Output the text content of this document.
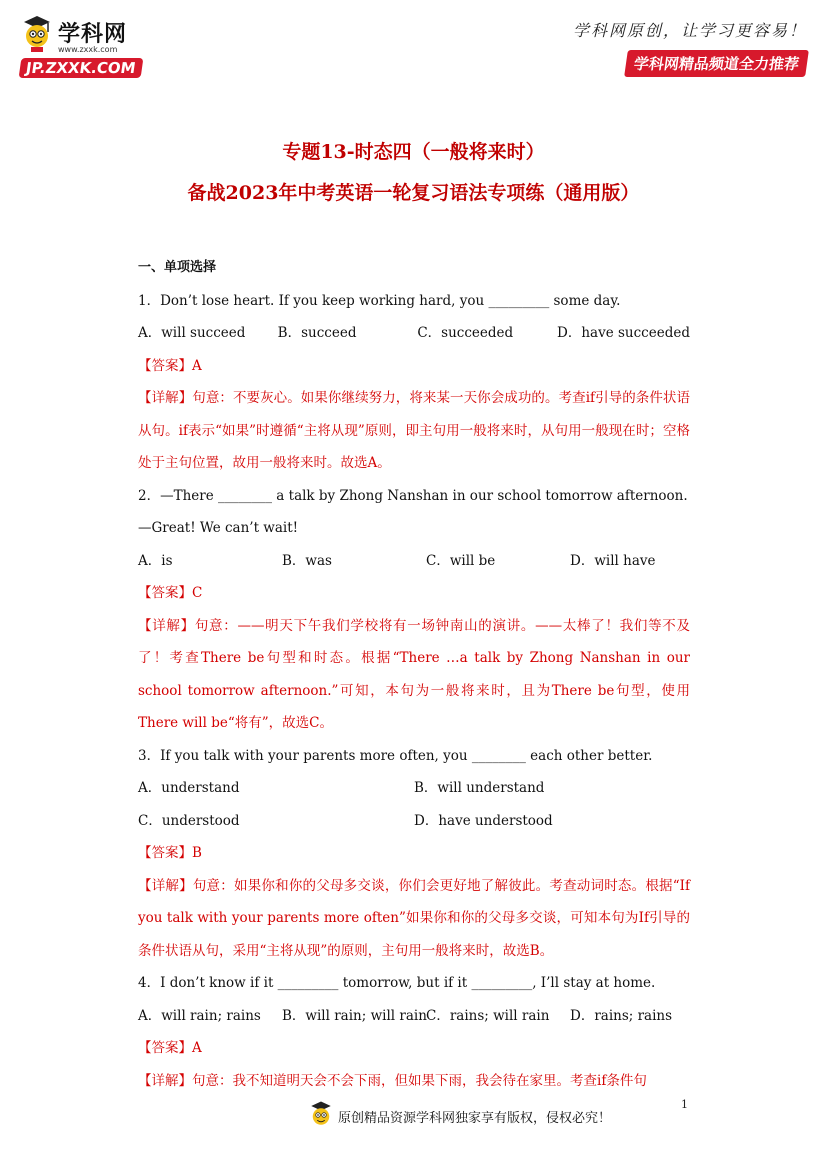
学科网
www.zxxk.com
JP.ZXXK.COM
学科网原创，让学习更容易！
学科网精品频道全力推荐
专题13-时态四（一般将来时）
备战2023年中考英语一轮复习语法专项练（通用版）
一、单项选择
1．Don’t lose heart. If you keep working hard, you _________ some day.
A．will succeed	B．succeed	C．succeeded	D．have succeeded
【答案】A
【详解】句意：不要灰心。如果你继续努力，将来某一天你会成功的。考查if引导的条件状语从句。if表示“如果”时遵循“主将从现”原则，即主句用一般将来时，从句用一般现在时；空格处于主句位置，故用一般将来时。故选A。
2．—There ________ a talk by Zhong Nanshan in our school tomorrow afternoon.
—Great! We can’t wait!
A．is	B．was	C．will be	D．will have
【答案】C
【详解】句意：——明天下午我们学校将有一场钟南山的演讲。——太棒了！我们等不及了！考查There be句型和时态。根据“There …a talk by Zhong Nanshan in our school tomorrow afternoon.”可知，本句为一般将来时，且为There be句型，使用There will be“将有”，故选C。
3．If you talk with your parents more often, you ________ each other better.
A．understand	B．will understand
C．understood	D．have understood
【答案】B
【详解】句意：如果你和你的父母多交谈，你们会更好地了解彼此。考查动词时态。根据“If you talk with your parents more often”如果你和你的父母多交谈，可知本句为If引导的条件状语从句，采用“主将从现”的原则，主句用一般将来时，故选B。
4．I don’t know if it _________ tomorrow, but if it _________, I’ll stay at home.
A．will rain; rains	B．will rain; will rain C．rains; will rain	D．rains; rains
【答案】A
【详解】句意：我不知道明天会不会下雨，但如果下雨，我会待在家里。考查if条件句
原创精品资源学科网独家享有版权，侵权必究！
1
